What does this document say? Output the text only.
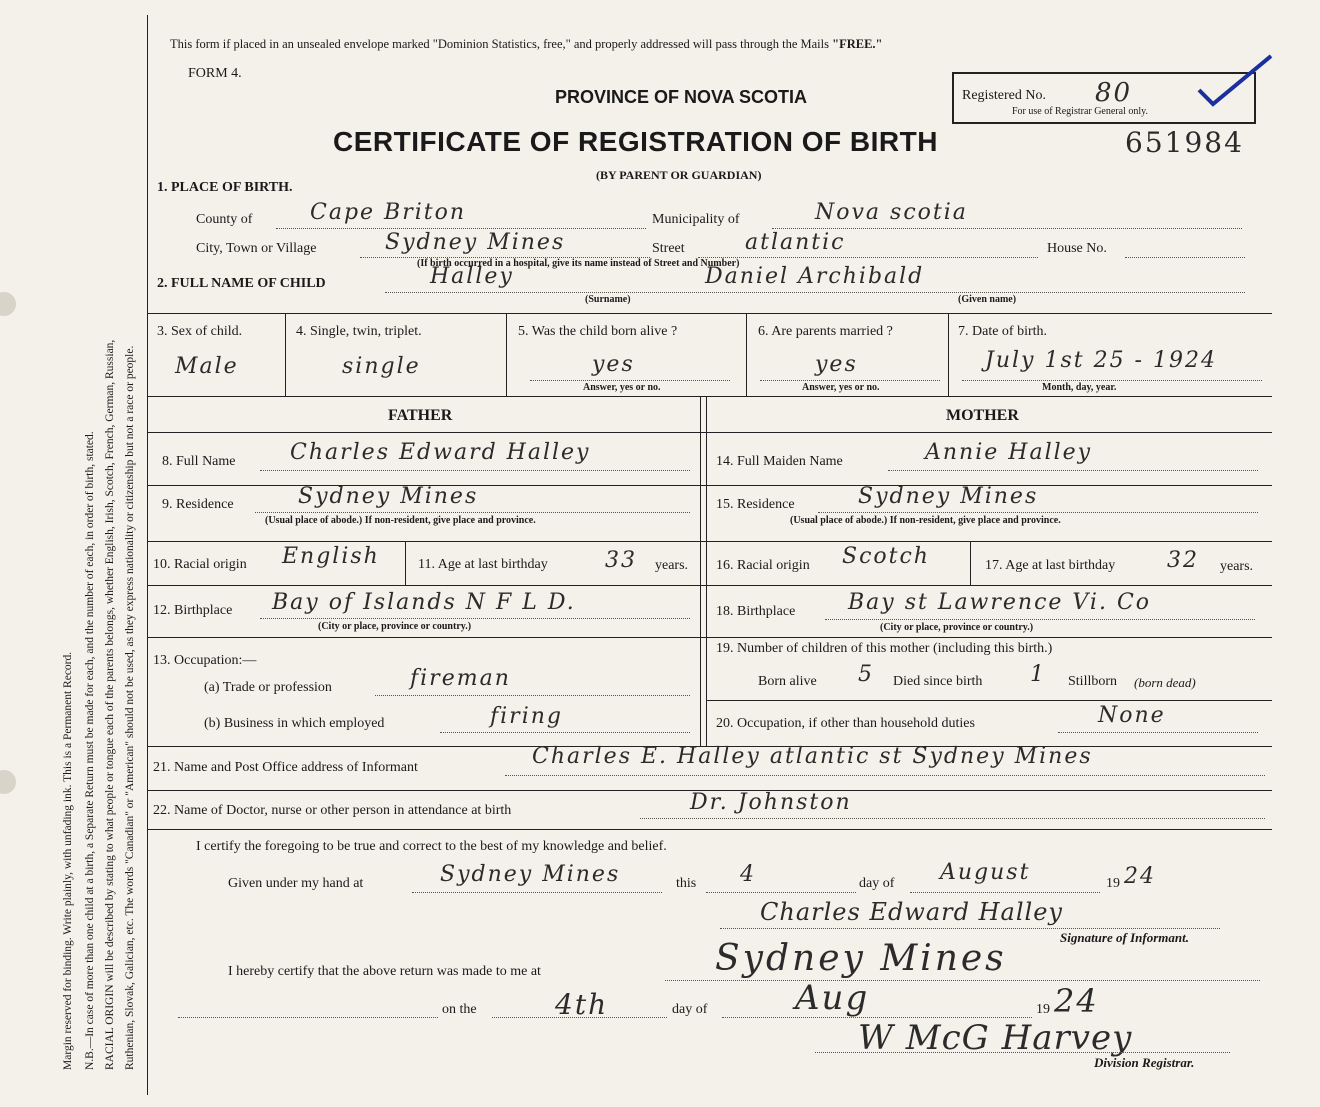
Margin reserved for binding. Write plainly, with unfading ink. This is a Permanent Record. N.B.—In case of more than one child at a birth, a Separate Return must be made for each, and the number of each, in order of birth, stated. RACIAL ORIGIN will be described by stating to what people or tongue each of the parents belongs, whether English, Irish, Scotch, French, German, Russian, Ruthenian, Slovak, Galician, etc. The words "Canadian" or "American" should not be used, as they express nationality or citizenship but not a race or people.
This form if placed in an unsealed envelope marked "Dominion Statistics, free," and properly addressed will pass through the Mails "FREE."
FORM 4.
PROVINCE OF NOVA SCOTIA
CERTIFICATE OF REGISTRATION OF BIRTH
(BY PARENT OR GUARDIAN)
Registered No.
For use of Registrar General only.
80
651984
1. PLACE OF BIRTH.
County of	Cape Briton	Municipality of	Nova scotia
City, Town or Village	Sydney Mines	Street	atlantic	House No.
(If birth occurred in a hospital, give its name instead of Street and Number)
2. FULL NAME OF CHILD	Halley	Daniel Archibald
(Surname)	(Given name)
3. Sex of child.
Male
4. Single, twin, triplet.
single
5. Was the child born alive ?
yes
Answer, yes or no.
6. Are parents married ?
yes
Answer, yes or no.
7. Date of birth.
July 1st 25 - 1924
Month, day, year.
FATHER	MOTHER
8. Full Name Charles Edward Halley	14. Full Maiden Name	Annie Halley
9. Residence	Sydney Mines
(Usual place of abode.) If non-resident, give place and province.
15. Residence	Sydney Mines
(Usual place of abode.) If non-resident, give place and province.
10. Racial origin English	11. Age at last birthday	33 years. 16. Racial origin Scotch	17. Age at last birthday 32 years.
12. Birthplace Bay of Islands N F L D.
(City or place, province or country.)
18. Birthplace Bay st Lawrence Vi. Co
(City or place, province or country.)
13. Occupation:—
(a) Trade or profession	fireman
(b) Business in which employed	firing
19. Number of children of this mother (including this birth.)
Born alive 5 Died since birth 1 Stillborn (born dead)
20. Occupation, if other than household duties	None
21. Name and Post Office address of Informant	Charles E. Halley atlantic st Sydney Mines
22. Name of Doctor, nurse or other person in attendance at birth	Dr. Johnston
I certify the foregoing to be true and correct to the best of my knowledge and belief.
Given under my hand at	Sydney Mines	this 4	day of August	19 24
Charles Edward Halley
Signature of Informant.
I hereby certify that the above return was made to me at	Sydney Mines
on the	4th	day of	Aug	19 24
W McG Harvey
Division Registrar.
